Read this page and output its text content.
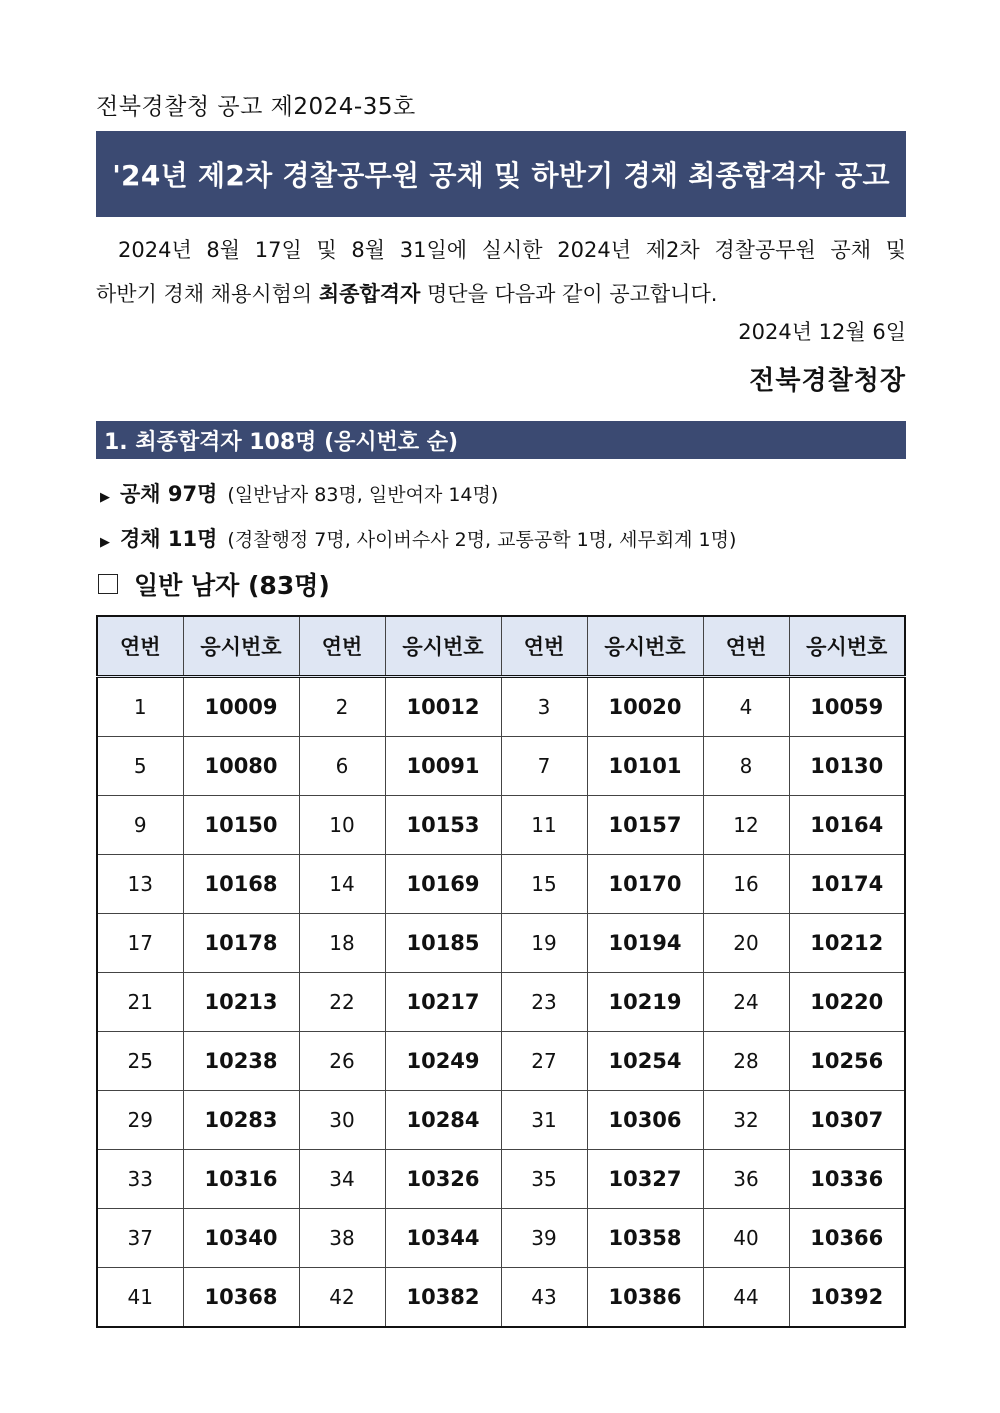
전북경찰청 공고 제2024-35호
'24년 제2차 경찰공무원 공채 및 하반기 경채 최종합격자 공고
2024년 8월 17일 및 8월 31일에 실시한 2024년 제2차 경찰공무원 공채 및
하반기 경채 채용시험의 최종합격자 명단을 다음과 같이 공고합니다.
2024년 12월 6일
전북경찰청장
1. 최종합격자 108명 (응시번호 순)
▶ 공채 97명 (일반남자 83명, 일반여자 14명)
▶ 경채 11명 (경찰행정 7명, 사이버수사 2명, 교통공학 1명, 세무회계 1명)
일반 남자 (83명)
연번	응시번호	연번	응시번호	연번	응시번호	연번	응시번호
1	10009	2	10012	3	10020	4	10059
5	10080	6	10091	7	10101	8	10130
9	10150	10	10153	11	10157	12	10164
13	10168	14	10169	15	10170	16	10174
17	10178	18	10185	19	10194	20	10212
21	10213	22	10217	23	10219	24	10220
25	10238	26	10249	27	10254	28	10256
29	10283	30	10284	31	10306	32	10307
33	10316	34	10326	35	10327	36	10336
37	10340	38	10344	39	10358	40	10366
41	10368	42	10382	43	10386	44	10392
